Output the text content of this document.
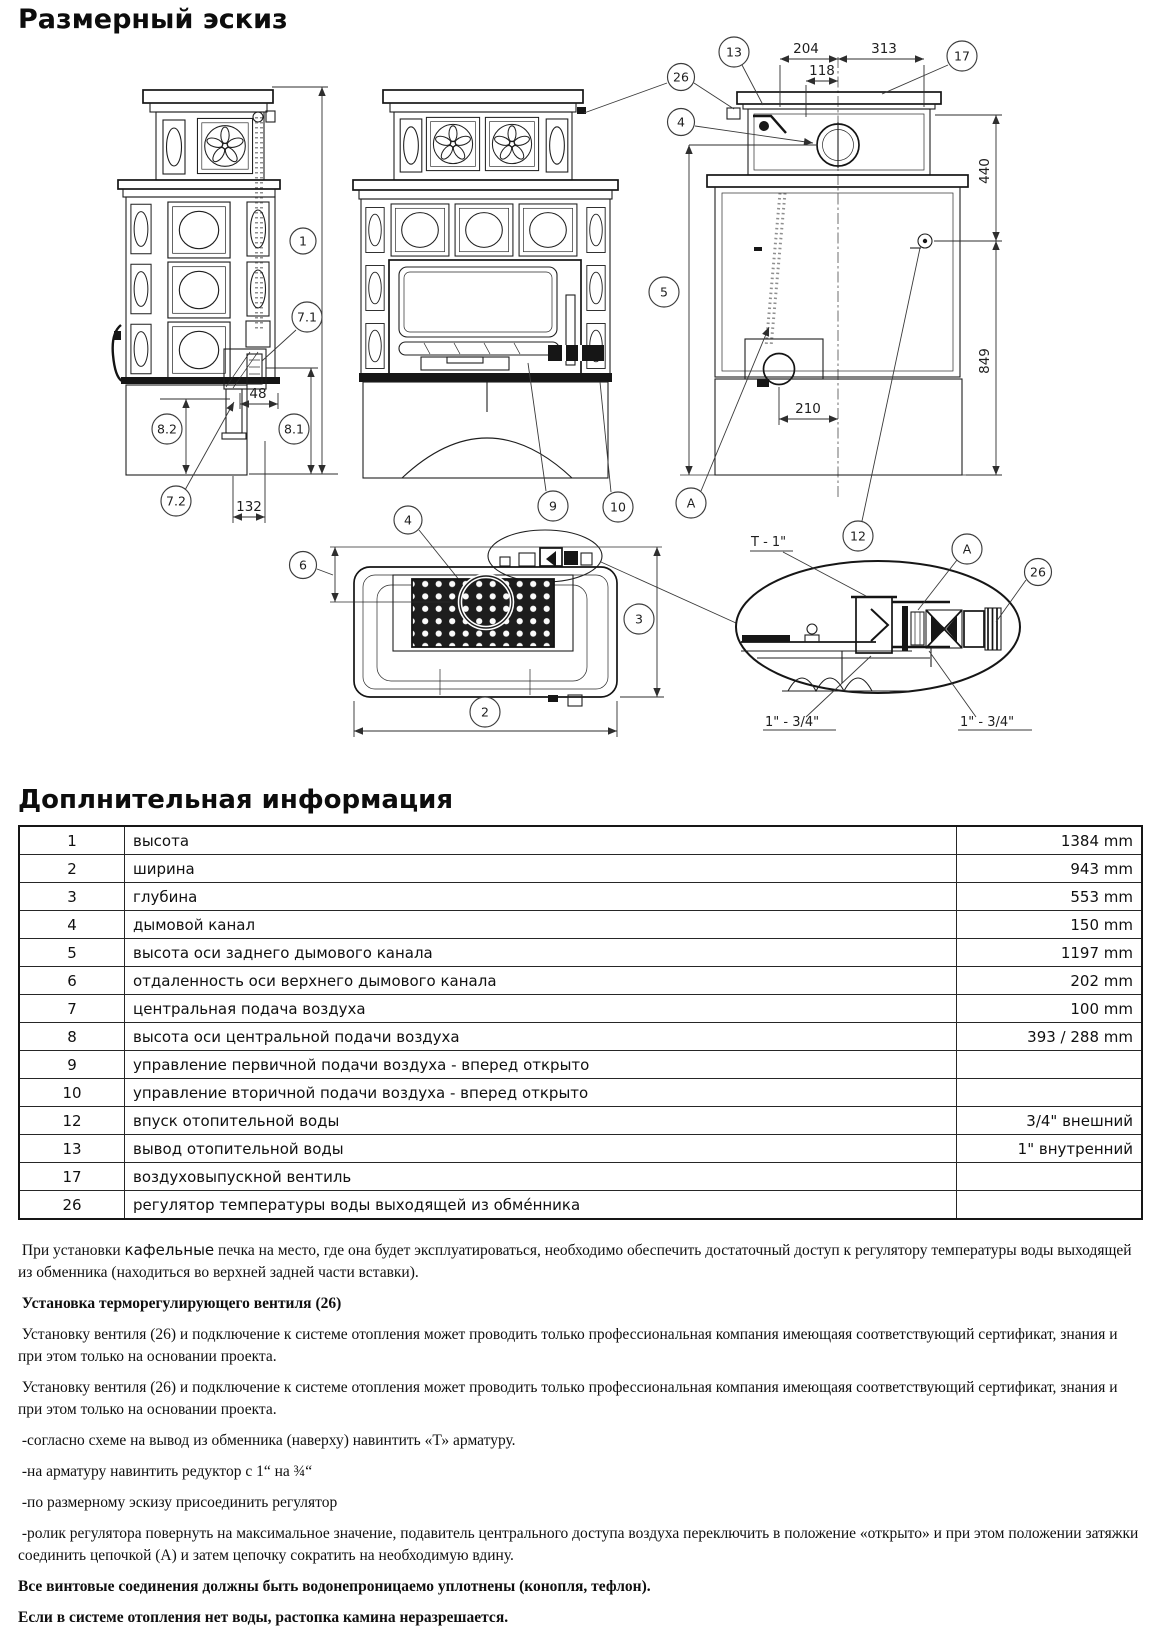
Размерный эскиз
48
132
1
7.1
8.2	8.1
7.2	9	10
4
204	313
118
440
849
210
13	17
26
4
5
A
12
6
3
2
T - 1"	A
26
1" - 3/4"	1" - 3/4"
Доплнительная информация
1	высота	1384 mm
2	ширина	943 mm
3	глубина	553 mm
4	дымовой канал	150 mm
5	высота оси заднего дымового канала	1197 mm
6	отдаленность оси верхнего дымового канала	202 mm
7	центральная подача воздуха	100 mm
8	высота оси центральной подачи воздуха	393 / 288 mm
9	управление первичной подачи воздуха - вперед открыто	
10	управление вторичной подачи воздуха - вперед открыто	
12	впуск отопительной воды	3/4" внешний
13	вывод отопительной воды	1" внутренний
17	воздуховыпускной вентиль	
26	регулятор температуры воды выходящей из обме́нника	

При установки кафельные печка на место, где она будет эксплуатироваться, необходимо обеспечить достаточный доступ к регулятору температуры воды выходящей из обменника (находиться во верхней задней части вставки).

Установка терморегулирующего вентиля (26)

Установку вентиля (26) и подключение к системе отопления может проводить только профессиональная компания имеющаяя соответствующий сертификат, знания и при этом только на основании проекта.

Установку вентиля (26) и подключение к системе отопления может проводить только профессиональная компания имеющаяя соответствующий сертификат, знания и при этом только на основании проекта.

-согласно схеме на вывод из обменника (наверху) навинтить «Т» арматуру.

-на арматуру навинтить редуктор с 1“ на ¾“

-по размерному эскизу присоединить регулятор

-ролик регулятора повернуть на максимальное значение, подавитель центрального доступа воздуха переключить в положение «открыто» и при этом положении затяжки соединить цепочкой (А) и затем цепочку сократить на необходимую вдину.

Все винтовые соединения должны быть водонепроницаемо уплотнены (конопля, тефлон).

Если в системе отопления нет воды, растопка камина неразрешается.
